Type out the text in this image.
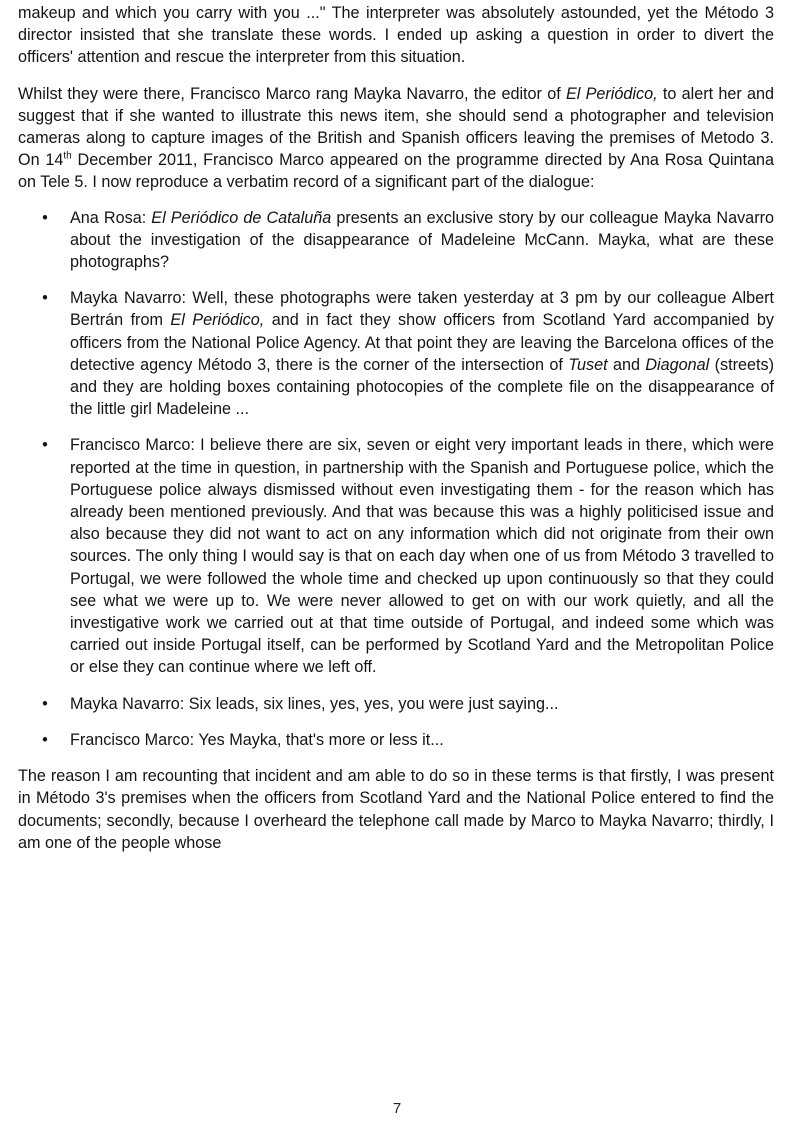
makeup and which you carry with you ..." The interpreter was absolutely astounded, yet the Método 3 director insisted that she translate these words. I ended up asking a question in order to divert the officers' attention and rescue the interpreter from this situation.

Whilst they were there, Francisco Marco rang Mayka Navarro, the editor of El Periódico, to alert her and suggest that if she wanted to illustrate this news item, she should send a photographer and television cameras along to capture images of the British and Spanish officers leaving the premises of Metodo 3. On 14th December 2011, Francisco Marco appeared on the programme directed by Ana Rosa Quintana on Tele 5. I now reproduce a verbatim record of a significant part of the dialogue:

• Ana Rosa: El Periódico de Cataluña presents an exclusive story by our colleague Mayka Navarro about the investigation of the disappearance of Madeleine McCann. Mayka, what are these photographs?
• Mayka Navarro: Well, these photographs were taken yesterday at 3 pm by our colleague Albert Bertrán from El Periódico, and in fact they show officers from Scotland Yard accompanied by officers from the National Police Agency. At that point they are leaving the Barcelona offices of the detective agency Método 3, there is the corner of the intersection of Tuset and Diagonal (streets) and they are holding boxes containing photocopies of the complete file on the disappearance of the little girl Madeleine ...
• Francisco Marco: I believe there are six, seven or eight very important leads in there, which were reported at the time in question, in partnership with the Spanish and Portuguese police, which the Portuguese police always dismissed without even investigating them - for the reason which has already been mentioned previously. And that was because this was a highly politicised issue and also because they did not want to act on any information which did not originate from their own sources. The only thing I would say is that on each day when one of us from Método 3 travelled to Portugal, we were followed the whole time and checked up upon continuously so that they could see what we were up to. We were never allowed to get on with our work quietly, and all the investigative work we carried out at that time outside of Portugal, and indeed some which was carried out inside Portugal itself, can be performed by Scotland Yard and the Metropolitan Police or else they can continue where we left off.
• Mayka Navarro: Six leads, six lines, yes, yes, you were just saying...
• Francisco Marco: Yes Mayka, that's more or less it...

The reason I am recounting that incident and am able to do so in these terms is that firstly, I was present in Método 3's premises when the officers from Scotland Yard and the National Police entered to find the documents; secondly, because I overheard the telephone call made by Marco to Mayka Navarro; thirdly, I am one of the people whose

7
